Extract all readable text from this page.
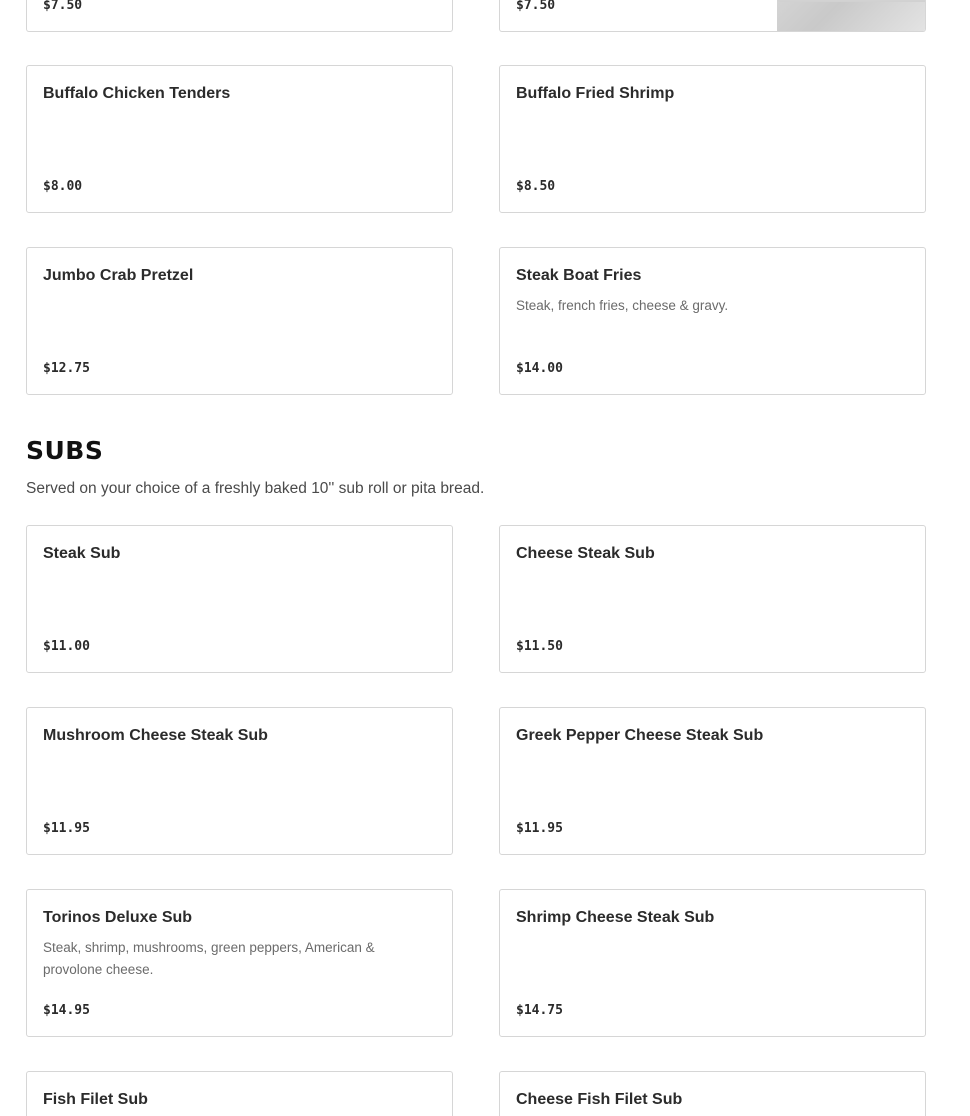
$7.50	$7.50
Buffalo Chicken Tenders
$8.00
Buffalo Fried Shrimp
$8.50
Jumbo Crab Pretzel
$12.75
Steak Boat Fries
Steak, french fries, cheese & gravy.
$14.00
SUBS
Served on your choice of a freshly baked 10'' sub roll or pita bread.
Steak Sub
$11.00
Cheese Steak Sub
$11.50
Mushroom Cheese Steak Sub
$11.95
Greek Pepper Cheese Steak Sub
$11.95
Torinos Deluxe Sub
Steak, shrimp, mushrooms, green peppers, American & provolone cheese.
$14.95
Shrimp Cheese Steak Sub
$14.75
Fish Filet Sub	Cheese Fish Filet Sub
